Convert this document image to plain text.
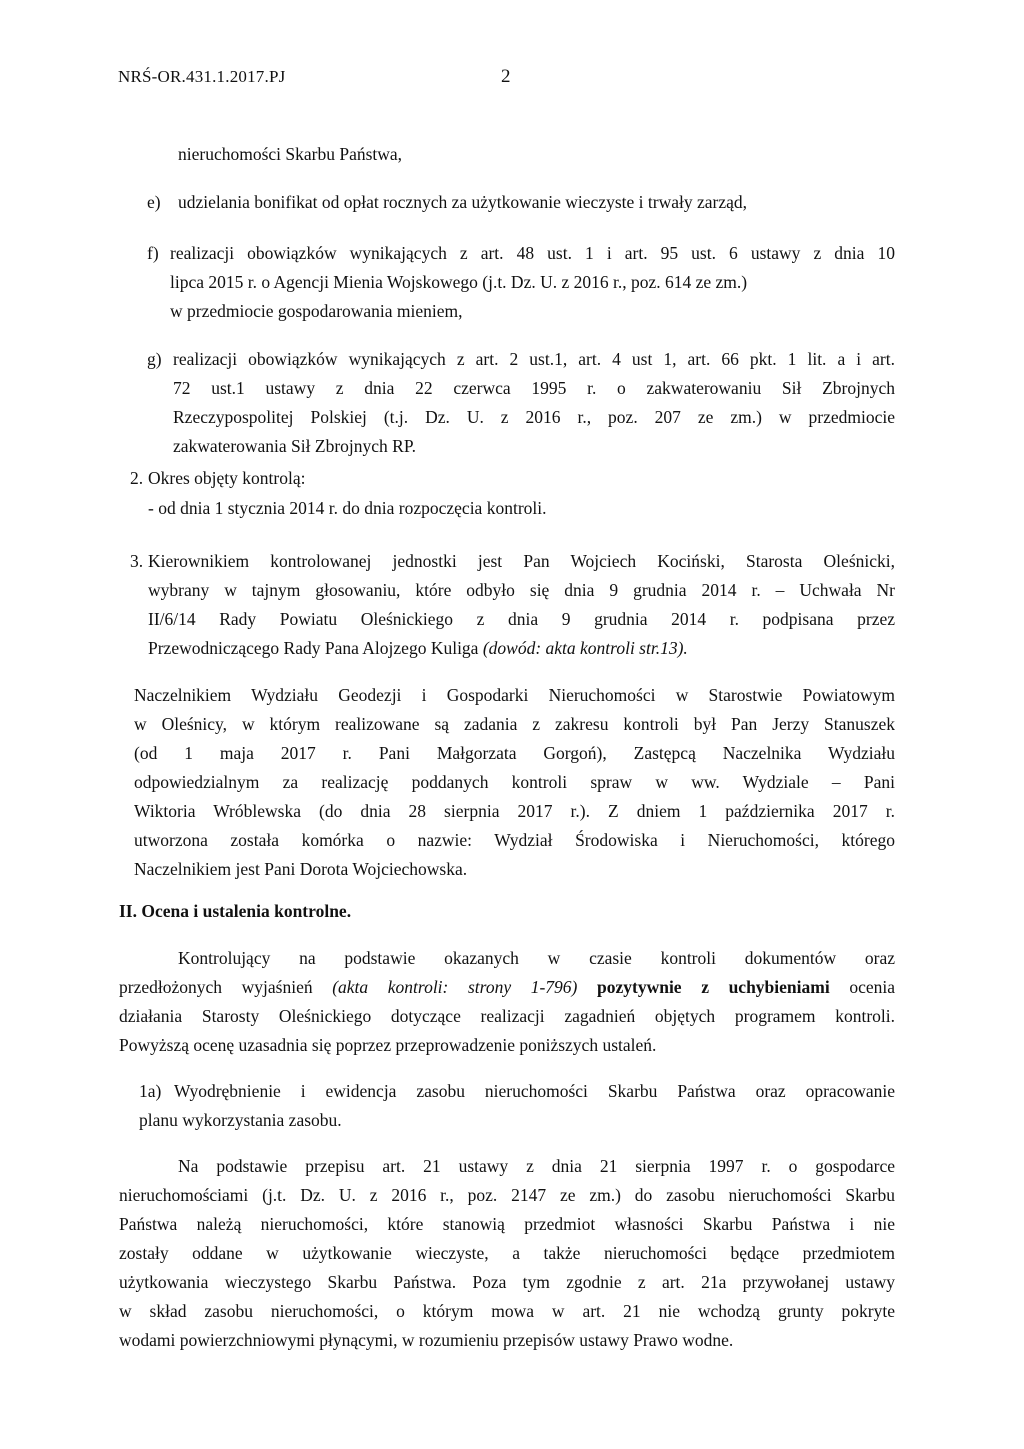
NRŚ-OR.431.1.2017.PJ	2
nieruchomości Skarbu Państwa,
e) udzielania bonifikat od opłat rocznych za użytkowanie wieczyste i trwały zarząd,
f) realizacji obowiązków wynikających z art. 48 ust. 1 i art. 95 ust. 6 ustawy z dnia 10
lipca 2015 r. o Agencji Mienia Wojskowego (j.t. Dz. U. z 2016 r., poz. 614 ze zm.)
w przedmiocie gospodarowania mieniem,
g) realizacji obowiązków wynikających z art. 2 ust.1, art. 4 ust 1, art. 66 pkt. 1 lit. a i art.
72 ust.1 ustawy z dnia 22 czerwca 1995 r. o zakwaterowaniu Sił Zbrojnych
Rzeczypospolitej Polskiej (t.j. Dz. U. z 2016 r., poz. 207 ze zm.) w przedmiocie
zakwaterowania Sił Zbrojnych RP.
2. Okres objęty kontrolą:
- od dnia 1 stycznia 2014 r. do dnia rozpoczęcia kontroli.
3. Kierownikiem kontrolowanej jednostki jest Pan Wojciech Kociński, Starosta Oleśnicki,
wybrany w tajnym głosowaniu, które odbyło się dnia 9 grudnia 2014 r. – Uchwała Nr
II/6/14 Rady Powiatu Oleśnickiego z dnia 9 grudnia 2014 r. podpisana przez
Przewodniczącego Rady Pana Alojzego Kuliga (dowód: akta kontroli str.13).
Naczelnikiem Wydziału Geodezji i Gospodarki Nieruchomości w Starostwie Powiatowym
w Oleśnicy, w którym realizowane są zadania z zakresu kontroli był Pan Jerzy Stanuszek
(od 1 maja 2017 r. Pani Małgorzata Gorgoń), Zastępcą Naczelnika Wydziału
odpowiedzialnym za realizację poddanych kontroli spraw w ww. Wydziale – Pani
Wiktoria Wróblewska (do dnia 28 sierpnia 2017 r.). Z dniem 1 października 2017 r.
utworzona została komórka o nazwie: Wydział Środowiska i Nieruchomości, którego
Naczelnikiem jest Pani Dorota Wojciechowska.
II. Ocena i ustalenia kontrolne.
Kontrolujący na podstawie okazanych w czasie kontroli dokumentów oraz
przedłożonych wyjaśnień (akta kontroli: strony 1-796) pozytywnie z uchybieniami ocenia
działania Starosty Oleśnickiego dotyczące realizacji zagadnień objętych programem kontroli.
Powyższą ocenę uzasadnia się poprzez przeprowadzenie poniższych ustaleń.
1a) Wyodrębnienie i ewidencja zasobu nieruchomości Skarbu Państwa oraz opracowanie
planu wykorzystania zasobu.
Na podstawie przepisu art. 21 ustawy z dnia 21 sierpnia 1997 r. o gospodarce
nieruchomościami (j.t. Dz. U. z 2016 r., poz. 2147 ze zm.) do zasobu nieruchomości Skarbu
Państwa należą nieruchomości, które stanowią przedmiot własności Skarbu Państwa i nie
zostały oddane w użytkowanie wieczyste, a także nieruchomości będące przedmiotem
użytkowania wieczystego Skarbu Państwa. Poza tym zgodnie z art. 21a przywołanej ustawy
w skład zasobu nieruchomości, o którym mowa w art. 21 nie wchodzą grunty pokryte
wodami powierzchniowymi płynącymi, w rozumieniu przepisów ustawy Prawo wodne.
